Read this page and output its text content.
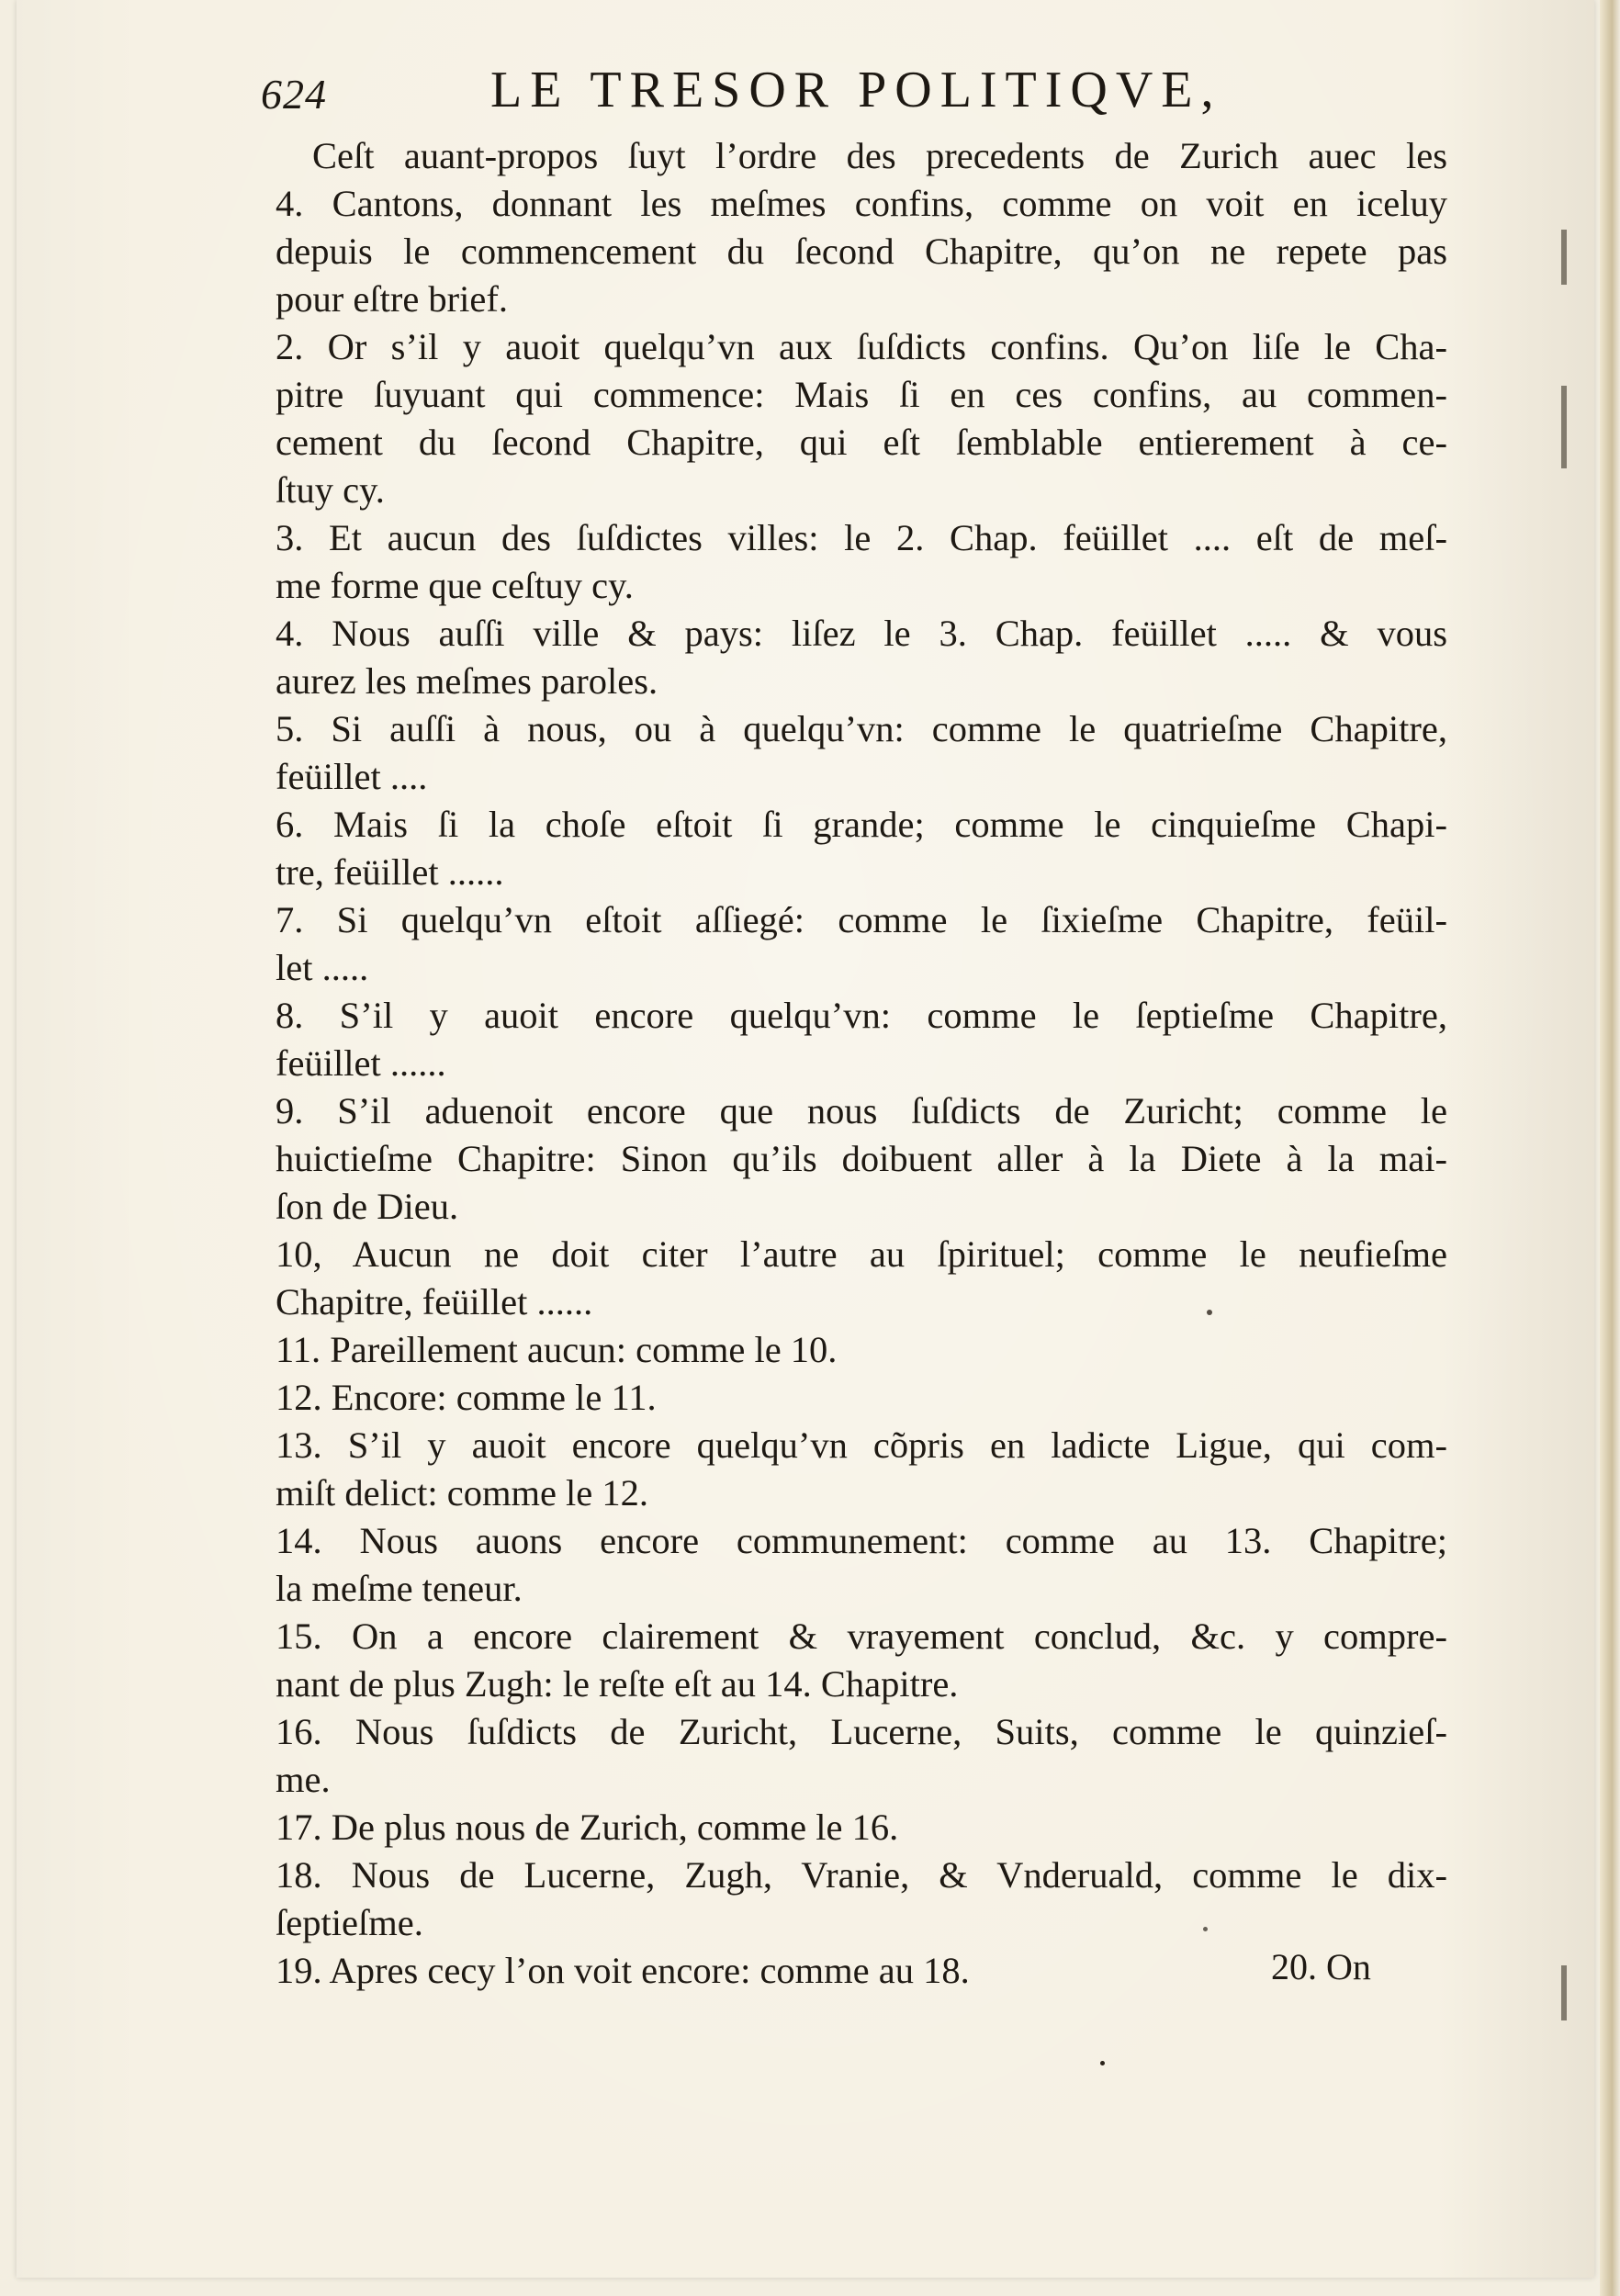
624	LE TRESOR POLITIQVE,
Ceſt auant-propos ſuyt l’ordre des precedents de Zurich auec les
4. Cantons, donnant les meſmes confins, comme on voit en iceluy
depuis le commencement du ſecond Chapitre, qu’on ne repete pas
pour eſtre brief.
2. Or s’il y auoit quelqu’vn aux ſuſdicts confins. Qu’on liſe le Cha-
pitre ſuyuant qui commence: Mais ſi en ces confins, au commen-
cement du ſecond Chapitre, qui eſt ſemblable entierement à ce-
ſtuy cy.
3. Et aucun des ſuſdictes villes: le 2. Chap. feüillet .... eſt de meſ-
me forme que ceſtuy cy.
4. Nous auſſi ville & pays: liſez le 3. Chap. feüillet ..... & vous
aurez les meſmes paroles.
5. Si auſſi à nous, ou à quelqu’vn: comme le quatrieſme Chapitre,
feüillet ....
6. Mais ſi la choſe eſtoit ſi grande; comme le cinquieſme Chapi-
tre, feüillet ......
7. Si quelqu’vn eſtoit aſſiegé: comme le ſixieſme Chapitre, feüil-
let .....
8. S’il y auoit encore quelqu’vn: comme le ſeptieſme Chapitre,
feüillet ......
9. S’il aduenoit encore que nous ſuſdicts de Zuricht; comme le
huictieſme Chapitre: Sinon qu’ils doibuent aller à la Diete à la mai-
ſon de Dieu.
10, Aucun ne doit citer l’autre au ſpirituel; comme le neufieſme
Chapitre, feüillet ......
11. Pareillement aucun: comme le 10.
12. Encore: comme le 11.
13. S’il y auoit encore quelqu’vn cõpris en ladicte Ligue, qui com-
miſt delict: comme le 12.
14. Nous auons encore communement: comme au 13. Chapitre;
la meſme teneur.
15. On a encore clairement & vrayement conclud, &c. y compre-
nant de plus Zugh: le reſte eſt au 14. Chapitre.
16. Nous ſuſdicts de Zuricht, Lucerne, Suits, comme le quinzieſ-
me.
17. De plus nous de Zurich, comme le 16.
18. Nous de Lucerne, Zugh, Vranie, & Vnderuald, comme le dix-
ſeptieſme.
19. Apres cecy l’on voit encore: comme au 18.	20. On
